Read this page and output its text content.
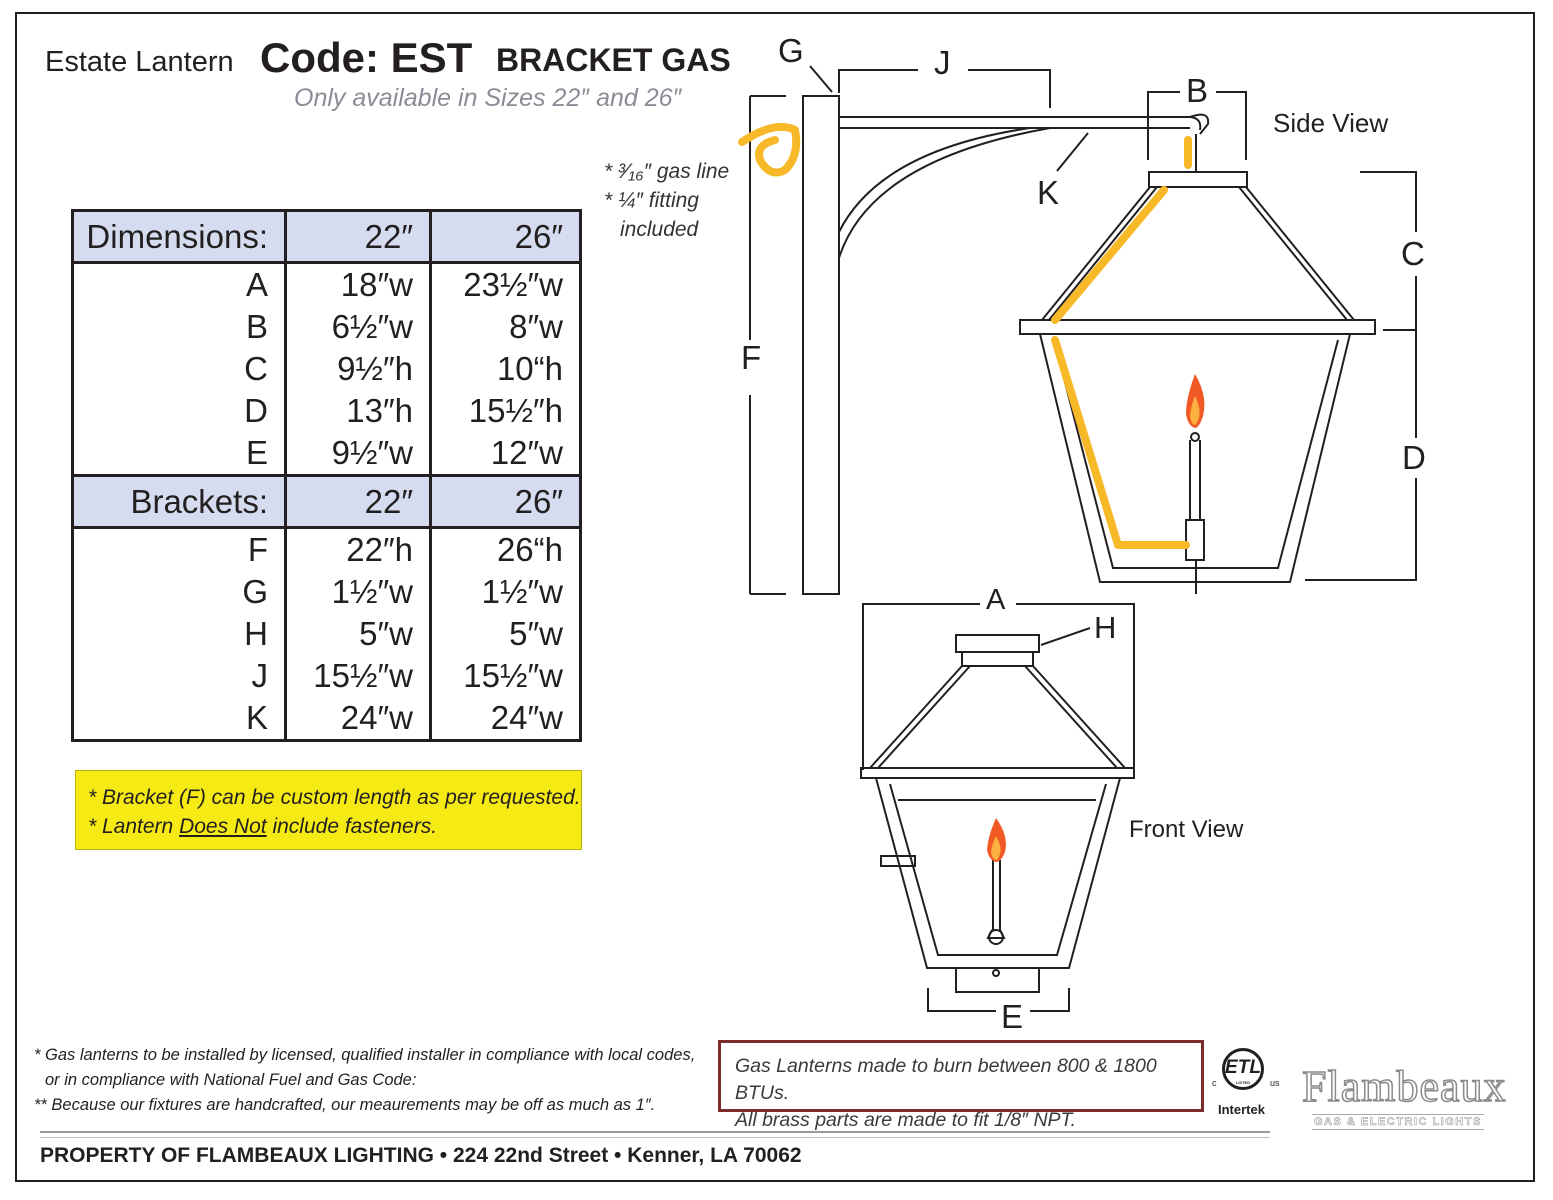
Estate Lantern Code: EST BRACKET GAS
Only available in Sizes 22″ and 26″
Dimensions:	22″	26″
A	18″w	23½″w
B	6½″w	8″w
C	9½″h	10“h
D	13″h	15½″h
E	9½″w	12″w
Brackets:	22″	26″
F	22″h	26“h
G	1½″w	1½″w
H	5″w	5″w
J	15½″w	15½″w
K	24″w	24″w
* Bracket (F) can be custom length as per requested.
* Lantern Does Not include fasteners.
* ³⁄₁₆″ gas line
* ¼″ fitting
included
G	J
B
K
C
F
D
A
H
E
Side View
Front View
* Gas lanterns to be installed by licensed, qualified installer in compliance with local codes,
or in compliance with National Fuel and Gas Code:
** Because our fixtures are handcrafted, our meaurements may be off as much as 1″.
Gas Lanterns made to burn between 800 & 1800 BTUs.
All brass parts are made to fit 1/8″ NPT.
ETL
LISTED
c	us
Intertek Flambeaux
GAS & ELECTRIC LIGHTS
PROPERTY OF FLAMBEAUX LIGHTING • 224 22nd Street • Kenner, LA 70062
